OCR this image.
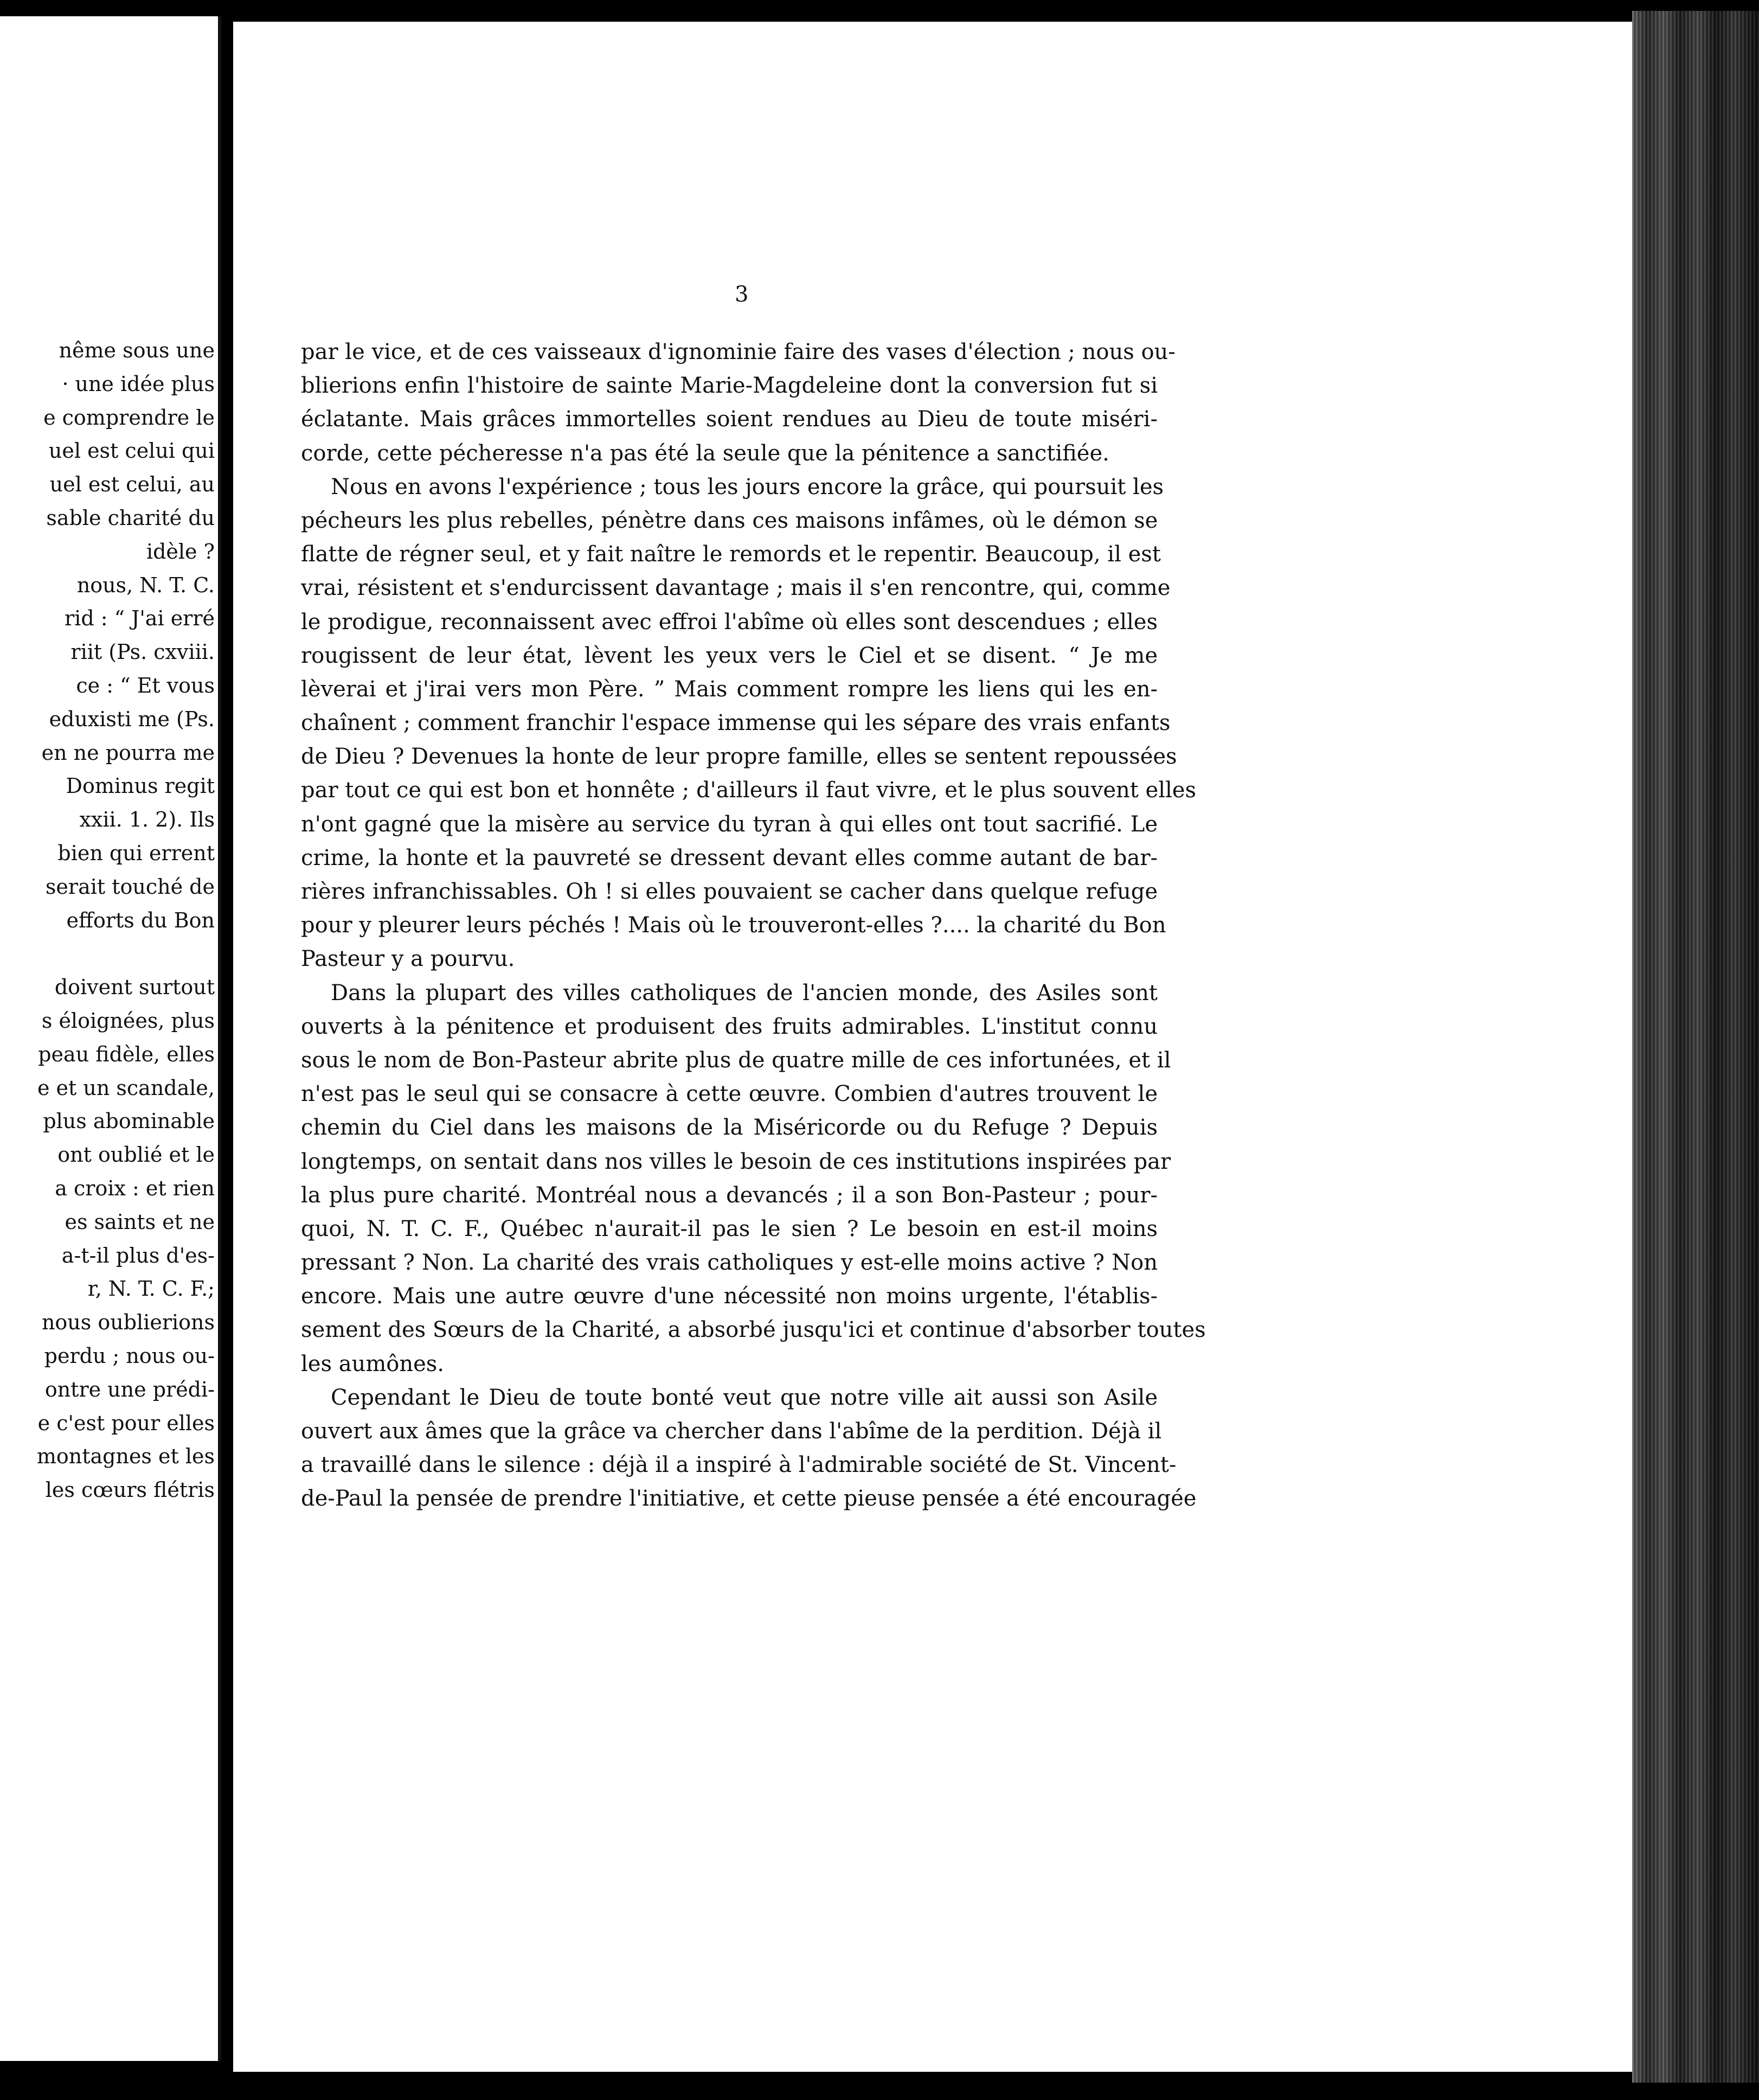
nême sous une
· une idée plus
e comprendre le
uel est celui qui
uel est celui, au
sable charité du
idèle ?
nous, N. T. C.
rid : “ J'ai erré
riit (Ps. cxviii.
ce : “ Et vous
eduxisti me (Ps.
en ne pourra me
Dominus regit
xxii. 1. 2). Ils
bien qui errent
serait touché de
efforts du Bon
doivent surtout
s éloignées, plus
peau fidèle, elles
e et un scandale,
plus abominable
ont oublié et le
a croix : et rien
es saints et ne
a-t-il plus d'es-
r, N. T. C. F.;
nous oublierions
perdu ; nous ou-
ontre une prédi-
e c'est pour elles
montagnes et les
les cœurs flétris
3
par le vice, et de ces vaisseaux d'ignominie faire des vases d'élection ; nous ou-
blierions enfin l'histoire de sainte Marie-Magdeleine dont la conversion fut si
éclatante. Mais grâces immortelles soient rendues au Dieu de toute miséri-
corde, cette pécheresse n'a pas été la seule que la pénitence a sanctifiée.
Nous en avons l'expérience ; tous les jours encore la grâce, qui poursuit les
pécheurs les plus rebelles, pénètre dans ces maisons infâmes, où le démon se
flatte de régner seul, et y fait naître le remords et le repentir. Beaucoup, il est
vrai, résistent et s'endurcissent davantage ; mais il s'en rencontre, qui, comme
le prodigue, reconnaissent avec effroi l'abîme où elles sont descendues ; elles
rougissent de leur état, lèvent les yeux vers le Ciel et se disent. “ Je me
lèverai et j'irai vers mon Père. ” Mais comment rompre les liens qui les en-
chaînent ; comment franchir l'espace immense qui les sépare des vrais enfants
de Dieu ? Devenues la honte de leur propre famille, elles se sentent repoussées
par tout ce qui est bon et honnête ; d'ailleurs il faut vivre, et le plus souvent elles
n'ont gagné que la misère au service du tyran à qui elles ont tout sacrifié. Le
crime, la honte et la pauvreté se dressent devant elles comme autant de bar-
rières infranchissables. Oh ! si elles pouvaient se cacher dans quelque refuge
pour y pleurer leurs péchés ! Mais où le trouveront-elles ?.... la charité du Bon
Pasteur y a pourvu.
Dans la plupart des villes catholiques de l'ancien monde, des Asiles sont
ouverts à la pénitence et produisent des fruits admirables. L'institut connu
sous le nom de Bon-Pasteur abrite plus de quatre mille de ces infortunées, et il
n'est pas le seul qui se consacre à cette œuvre. Combien d'autres trouvent le
chemin du Ciel dans les maisons de la Miséricorde ou du Refuge ? Depuis
longtemps, on sentait dans nos villes le besoin de ces institutions inspirées par
la plus pure charité. Montréal nous a devancés ; il a son Bon-Pasteur ; pour-
quoi, N. T. C. F., Québec n'aurait-il pas le sien ? Le besoin en est-il moins
pressant ? Non. La charité des vrais catholiques y est-elle moins active ? Non
encore. Mais une autre œuvre d'une nécessité non moins urgente, l'établis-
sement des Sœurs de la Charité, a absorbé jusqu'ici et continue d'absorber toutes
les aumônes.
Cependant le Dieu de toute bonté veut que notre ville ait aussi son Asile
ouvert aux âmes que la grâce va chercher dans l'abîme de la perdition. Déjà il
a travaillé dans le silence : déjà il a inspiré à l'admirable société de St. Vincent-
de-Paul la pensée de prendre l'initiative, et cette pieuse pensée a été encouragée
